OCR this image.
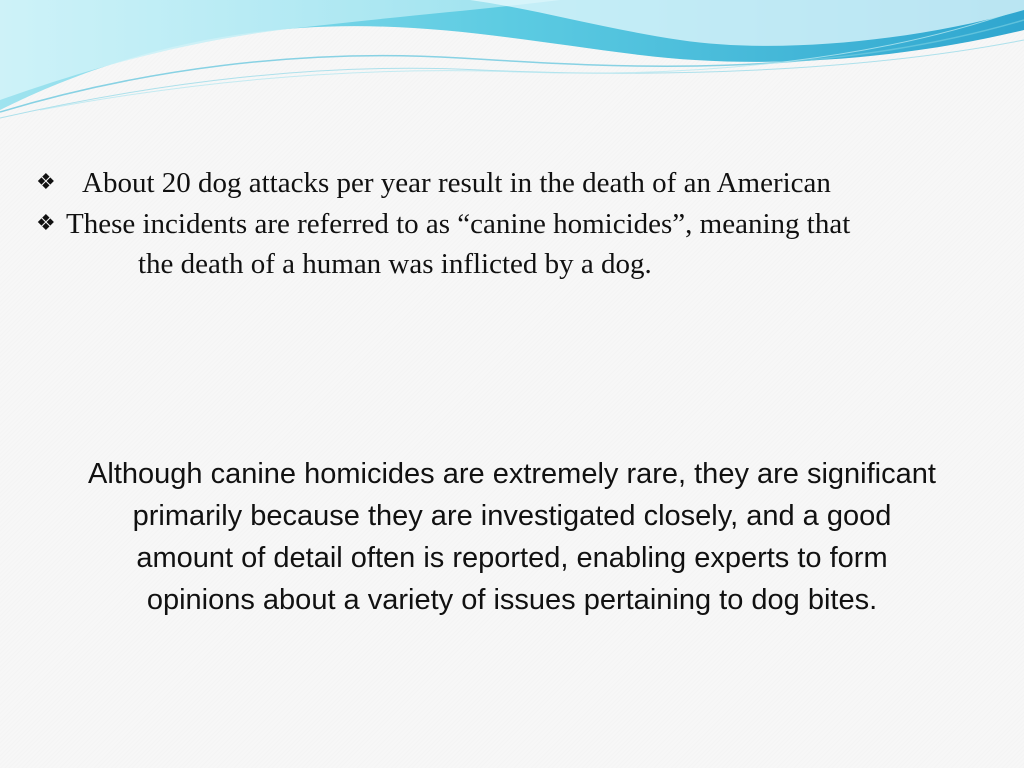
❖ About 20 dog attacks per year result in the death of an American
❖ These incidents are referred to as “canine homicides”, meaning that
the death of a human was inflicted by a dog.

Although canine homicides are extremely rare, they are significant
primarily because they are investigated closely, and a good
amount of detail often is reported, enabling experts to form
opinions about a variety of issues pertaining to dog bites.
